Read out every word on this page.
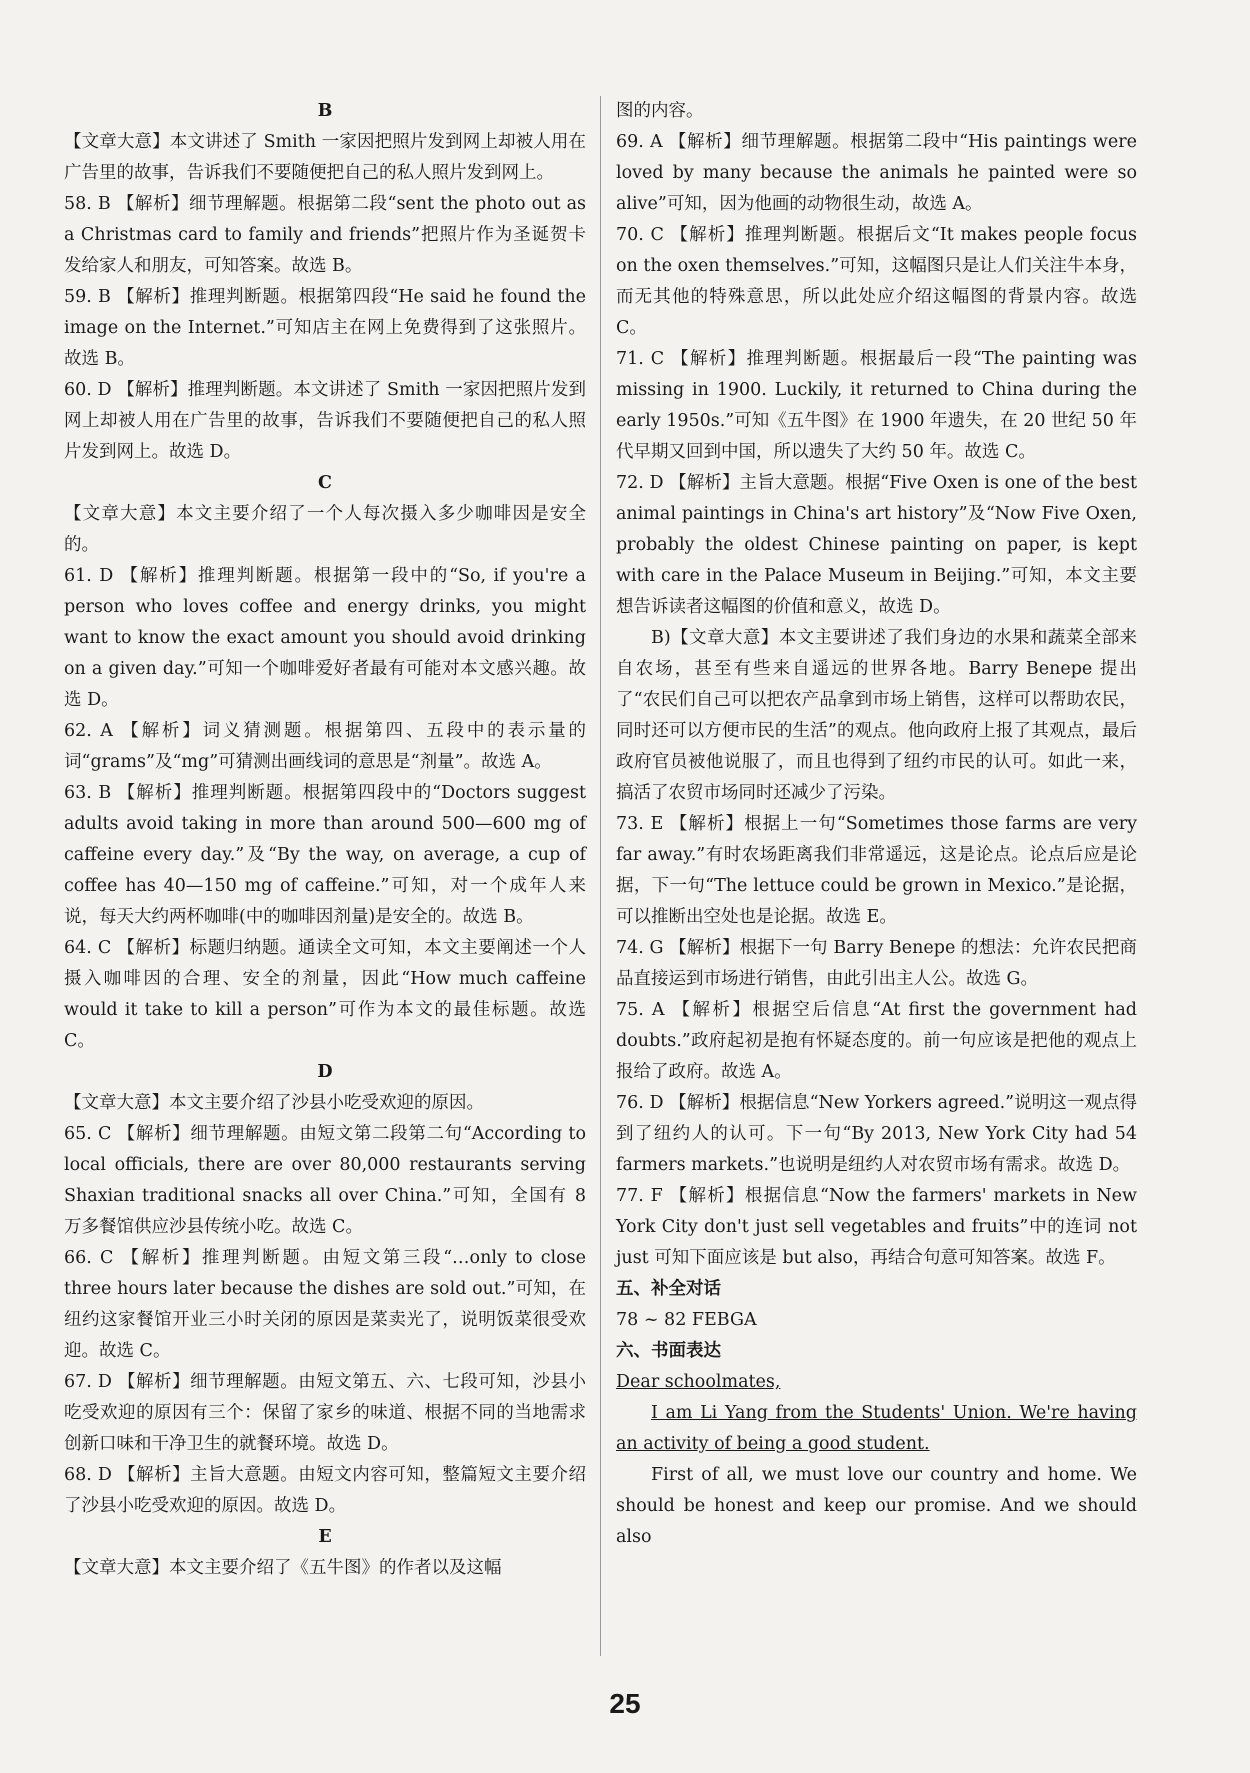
B

【文章大意】本文讲述了 Smith 一家因把照片发到网上却被人用在广告里的故事，告诉我们不要随便把自己的私人照片发到网上。

58. B 【解析】细节理解题。根据第二段“sent the photo out as a Christmas card to family and friends”把照片作为圣诞贺卡发给家人和朋友，可知答案。故选 B。

59. B 【解析】推理判断题。根据第四段“He said he found the image on the Internet.”可知店主在网上免费得到了这张照片。故选 B。

60. D 【解析】推理判断题。本文讲述了 Smith 一家因把照片发到网上却被人用在广告里的故事，告诉我们不要随便把自己的私人照片发到网上。故选 D。

C

【文章大意】本文主要介绍了一个人每次摄入多少咖啡因是安全的。

61. D 【解析】推理判断题。根据第一段中的“So, if you're a person who loves coffee and energy drinks, you might want to know the exact amount you should avoid drinking on a given day.”可知一个咖啡爱好者最有可能对本文感兴趣。故选 D。

62. A 【解析】词义猜测题。根据第四、五段中的表示量的词“grams”及“mg”可猜测出画线词的意思是“剂量”。故选 A。

63. B 【解析】推理判断题。根据第四段中的“Doctors suggest adults avoid taking in more than around 500—600 mg of caffeine every day.”及“By the way, on average, a cup of coffee has 40—150 mg of caffeine.”可知，对一个成年人来说，每天大约两杯咖啡(中的咖啡因剂量)是安全的。故选 B。

64. C 【解析】标题归纳题。通读全文可知，本文主要阐述一个人摄入咖啡因的合理、安全的剂量，因此“How much caffeine would it take to kill a person”可作为本文的最佳标题。故选 C。

D

【文章大意】本文主要介绍了沙县小吃受欢迎的原因。

65. C 【解析】细节理解题。由短文第二段第二句“According to local officials, there are over 80,000 restaurants serving Shaxian traditional snacks all over China.”可知，全国有 8 万多餐馆供应沙县传统小吃。故选 C。

66. C 【解析】推理判断题。由短文第三段“…only to close three hours later because the dishes are sold out.”可知，在纽约这家餐馆开业三小时关闭的原因是菜卖光了，说明饭菜很受欢迎。故选 C。

67. D 【解析】细节理解题。由短文第五、六、七段可知，沙县小吃受欢迎的原因有三个：保留了家乡的味道、根据不同的当地需求创新口味和干净卫生的就餐环境。故选 D。

68. D 【解析】主旨大意题。由短文内容可知，整篇短文主要介绍了沙县小吃受欢迎的原因。故选 D。

E

【文章大意】本文主要介绍了《五牛图》的作者以及这幅

图的内容。

69. A 【解析】细节理解题。根据第二段中“His paintings were loved by many because the animals he painted were so alive”可知，因为他画的动物很生动，故选 A。

70. C 【解析】推理判断题。根据后文“It makes people focus on the oxen themselves.”可知，这幅图只是让人们关注牛本身，而无其他的特殊意思，所以此处应介绍这幅图的背景内容。故选 C。

71. C 【解析】推理判断题。根据最后一段“The painting was missing in 1900. Luckily, it returned to China during the early 1950s.”可知《五牛图》在 1900 年遗失，在 20 世纪 50 年代早期又回到中国，所以遗失了大约 50 年。故选 C。

72. D 【解析】主旨大意题。根据“Five Oxen is one of the best animal paintings in China's art history”及“Now Five Oxen, probably the oldest Chinese painting on paper, is kept with care in the Palace Museum in Beijing.”可知，本文主要想告诉读者这幅图的价值和意义，故选 D。

B)【文章大意】本文主要讲述了我们身边的水果和蔬菜全部来自农场，甚至有些来自遥远的世界各地。Barry Benepe 提出了“农民们自己可以把农产品拿到市场上销售，这样可以帮助农民，同时还可以方便市民的生活”的观点。他向政府上报了其观点，最后政府官员被他说服了，而且也得到了纽约市民的认可。如此一来，搞活了农贸市场同时还减少了污染。

73. E 【解析】根据上一句“Sometimes those farms are very far away.”有时农场距离我们非常遥远，这是论点。论点后应是论据，下一句“The lettuce could be grown in Mexico.”是论据，可以推断出空处也是论据。故选 E。

74. G 【解析】根据下一句 Barry Benepe 的想法：允许农民把商品直接运到市场进行销售，由此引出主人公。故选 G。

75. A 【解析】根据空后信息“At first the government had doubts.”政府起初是抱有怀疑态度的。前一句应该是把他的观点上报给了政府。故选 A。

76. D 【解析】根据信息“New Yorkers agreed.”说明这一观点得到了纽约人的认可。下一句“By 2013, New York City had 54 farmers markets.”也说明是纽约人对农贸市场有需求。故选 D。

77. F 【解析】根据信息“Now the farmers' markets in New York City don't just sell vegetables and fruits”中的连词 not just 可知下面应该是 but also，再结合句意可知答案。故选 F。

五、补全对话

78 ~ 82 FEBGA

六、书面表达

Dear schoolmates,

I am Li Yang from the Students' Union. We're having an activity of being a good student.

First of all, we must love our country and home. We should be honest and keep our promise. And we should also

25
